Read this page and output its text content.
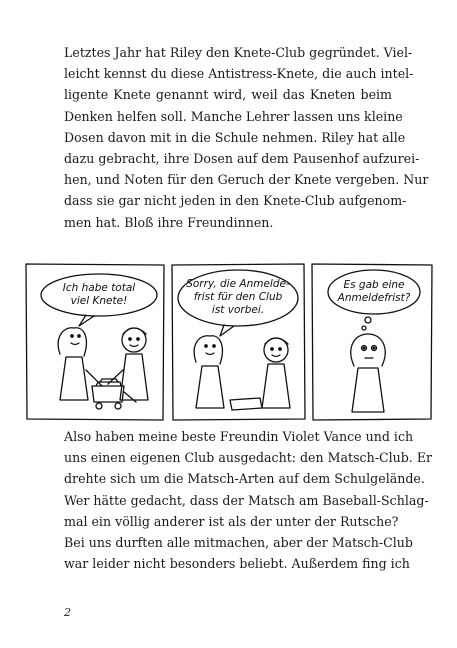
Letztes Jahr hat Riley den Knete-Club gegründet. Viel-
leicht kennst du diese Antistress-Knete, die auch intel-
ligente Knete genannt wird, weil das Kneten beim
Denken helfen soll. Manche Lehrer lassen uns kleine
Dosen davon mit in die Schule nehmen. Riley hat alle
dazu gebracht, ihre Dosen auf dem Pausenhof aufzurei-
hen, und Noten für den Geruch der Knete vergeben. Nur
dass sie gar nicht jeden in den Knete-Club aufgenom-
men hat. Bloß ihre Freundinnen.
Ich habe total
viel Knete!
Sorry, die Anmelde-
frist für den Club
ist vorbei.
Es gab eine
Anmeldefrist?
Also haben meine beste Freundin Violet Vance und ich
uns einen eigenen Club ausgedacht: den Matsch-Club. Er
drehte sich um die Matsch-Arten auf dem Schulgelände.
Wer hätte gedacht, dass der Matsch am Baseball-Schlag-
mal ein völlig anderer ist als der unter der Rutsche?
Bei uns durften alle mitmachen, aber der Matsch-Club
war leider nicht besonders beliebt. Außerdem fing ich
2
